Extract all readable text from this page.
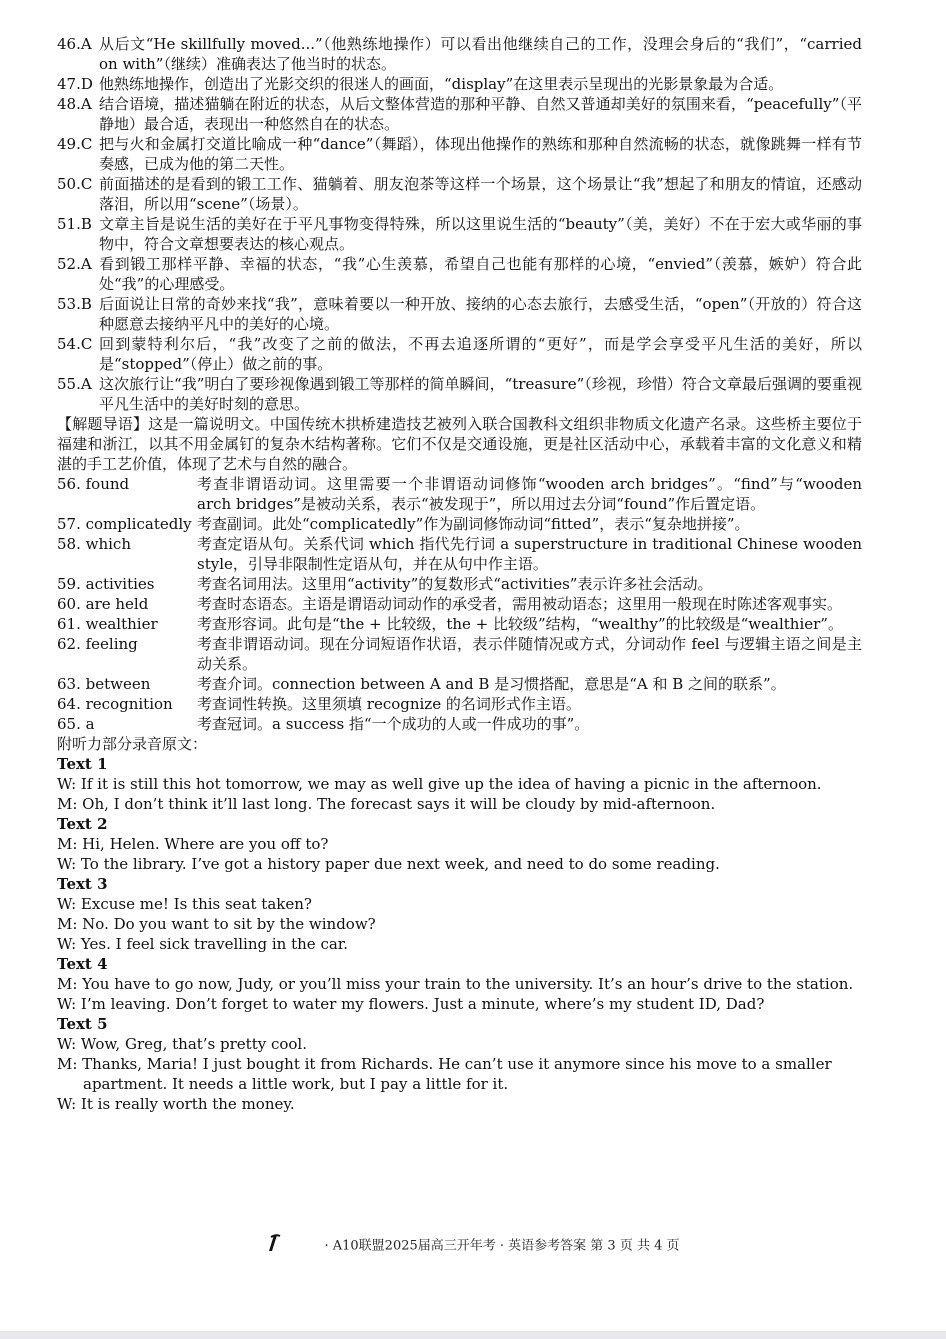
46.A 从后文“He skillfully moved...”（他熟练地操作）可以看出他继续自己的工作，没理会身后的“我们”，“carried on with”（继续）准确表达了他当时的状态。
47.D 他熟练地操作，创造出了光影交织的很迷人的画面，“display”在这里表示呈现出的光影景象最为合适。
48.A 结合语境，描述猫躺在附近的状态，从后文整体营造的那种平静、自然又普通却美好的氛围来看，“peacefully”（平静地）最合适，表现出一种悠然自在的状态。
49.C 把与火和金属打交道比喻成一种“dance”（舞蹈），体现出他操作的熟练和那种自然流畅的状态，就像跳舞一样有节奏感，已成为他的第二天性。
50.C 前面描述的是看到的锻工工作、猫躺着、朋友泡茶等这样一个场景，这个场景让“我”想起了和朋友的情谊，还感动落泪，所以用“scene”（场景）。
51.B 文章主旨是说生活的美好在于平凡事物变得特殊，所以这里说生活的“beauty”（美，美好）不在于宏大或华丽的事物中，符合文章想要表达的核心观点。
52.A 看到锻工那样平静、幸福的状态，“我”心生羡慕，希望自己也能有那样的心境，“envied”（羡慕，嫉妒）符合此处“我”的心理感受。
53.B 后面说让日常的奇妙来找“我”，意味着要以一种开放、接纳的心态去旅行，去感受生活，“open”（开放的）符合这种愿意去接纳平凡中的美好的心境。
54.C 回到蒙特利尔后，“我”改变了之前的做法，不再去追逐所谓的“更好”，而是学会享受平凡生活的美好，所以是“stopped”（停止）做之前的事。
55.A 这次旅行让“我”明白了要珍视像遇到锻工等那样的简单瞬间，“treasure”（珍视，珍惜）符合文章最后强调的要重视平凡生活中的美好时刻的意思。
【解题导语】这是一篇说明文。中国传统木拱桥建造技艺被列入联合国教科文组织非物质文化遗产名录。这些桥主要位于福建和浙江，以其不用金属钉的复杂木结构著称。它们不仅是交通设施，更是社区活动中心，承载着丰富的文化意义和精湛的手工艺价值，体现了艺术与自然的融合。
56. found	考查非谓语动词。这里需要一个非谓语动词修饰“wooden arch bridges”。“find”与“wooden arch bridges”是被动关系，表示“被发现于”，所以用过去分词“found”作后置定语。
57. complicatedly 考查副词。此处“complicatedly”作为副词修饰动词“fitted”，表示“复杂地拼接”。
58. which	考查定语从句。关系代词 which 指代先行词 a superstructure in traditional Chinese wooden style，引导非限制性定语从句，并在从句中作主语。
59. activities	考查名词用法。这里用“activity”的复数形式“activities”表示许多社会活动。
60. are held	考查时态语态。主语是谓语动词动作的承受者，需用被动语态；这里用一般现在时陈述客观事实。
61. wealthier	考查形容词。此句是“the + 比较级，the + 比较级”结构，“wealthy”的比较级是“wealthier”。
62. feeling	考查非谓语动词。现在分词短语作状语，表示伴随情况或方式，分词动作 feel 与逻辑主语之间是主动关系。
63. between	考查介词。connection between A and B 是习惯搭配，意思是“A 和 B 之间的联系”。
64. recognition	考查词性转换。这里须填 recognize 的名词形式作主语。
65. a	考查冠词。a success 指“一个成功的人或一件成功的事”。
附听力部分录音原文：
Text 1
W: If it is still this hot tomorrow, we may as well give up the idea of having a picnic in the afternoon.
M: Oh, I don’t think it’ll last long. The forecast says it will be cloudy by mid-afternoon.
Text 2
M: Hi, Helen. Where are you off to?
W: To the library. I’ve got a history paper due next week, and need to do some reading.
Text 3
W: Excuse me! Is this seat taken?
M: No. Do you want to sit by the window?
W: Yes. I feel sick travelling in the car.
Text 4
M: You have to go now, Judy, or you’ll miss your train to the university. It’s an hour’s drive to the station.
W: I’m leaving. Don’t forget to water my flowers. Just a minute, where’s my student ID, Dad?
Text 5
W: Wow, Greg, that’s pretty cool.
M: Thanks, Maria! I just bought it from Richards. He can’t use it anymore since his move to a smaller apartment. It needs a little work, but I pay a little for it.
W: It is really worth the money.
· A10联盟2025届高三开年考 · 英语参考答案 第 3 页 共 4 页
